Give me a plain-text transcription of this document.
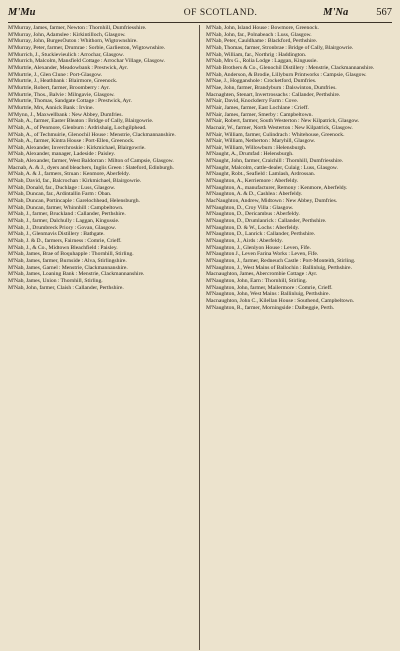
M'Mu	OF SCOTLAND.	M'Na	567

M'Murray, James, farmer, Newton : Thornhill, Dumfriesshire.

M'Murray, John, Adamslee : Kirkintilloch, Glasgow.

M'Murray, John, BurgesOuton : Whithorn, Wigtownshire.

M'Murray, Peter, farmer, Drumrae : Sorbie, Garlieston, Wigtownshire.

M'Murrich, J., Stuckievieulich : Arrochar, Glasgow.

M'Murrich, Malcolm, Mansfield Cottage : Arrochar Village, Glasgow.

M'Murtrie, Alexander, Meadowbank : Prestwick, Ayr.

M'Murtrie, J., Glen Clune : Port-Glasgow.

M'Murtrie, J., Heathbank : Blairmore, Greenock.

M'Murtrie, Robert, farmer, Broomberry : Ayr.

M'Murtrie, Thos., Balvie : Milngavie, Glasgow.

M'Murtrie, Thomas, Sandgate Cottage : Prestwick, Ayr.

M'Murtrie, Mrs, Annick Bank : Irvine.

M'Mynn, J., Maxwellbank : New Abbey, Dumfries.

M'Nab, A., farmer, Easter Bleaton : Bridge of Cally, Blairgowrie.

M'Nab, A., of Penmore, Glenburn : Ardrishaig, Lochgilphead.

M'Nab, A., of Techmuirie, Glenochil House : Menstrie, Clackmannanshire.

M'Nab, A., farmer, Kintra House : Port-Ellen, Greenock.

M'Nab, Alexander, Inverchroskie : Kirkmichael, Blairgowrie.

M'Nab, Alexander, manager, Ladeside : Paisley.

M'Nab, Alexander, farmer, West Baldorran : Milton of Campsie, Glasgow.

Macnab, A. & J., dyers and bleachers, Inglis Green : Slateford, Edinburgh.

M'Nab, A. & J., farmers, Struan : Kenmore, Aberfeldy.

M'Nab, David, far., Balcrochan : Kirkmichael, Blairgowrie.

M'Nab, Donald, far., Duchlage : Luss, Glasgow.

M'Nab, Duncan, far., Ardintallin Farm : Oban.

M'Nab, Duncan, Portincaple : Garelochhead, Helensburgh.

M'Nab, Duncan, farmer, Whinnhill : Campbeltown.

M'Nab, J., farmer, Bruckland : Callander, Perthshire.

M'Nab, J., farmer, Dalchully : Laggan, Kingussie.

M'Nab, J., Drumbreck Priory : Govan, Glasgow.

M'Nab, J., Glenmavis Distillery : Bathgate.

M'Nab, J. & D., farmers, Fairness : Comrie, Crieff.

M'Nab, J., & Co., Midtown Bleachfield : Paisley.

M'Nab, James, Brae of Boquhapple : Thornhill, Stirling.

M'Nab, James, farmer, Burnside : Alva, Stirlingshire.

M'Nab, James, Garnel : Menstrie, Clackmannanshire.

M'Nab, James, Loaning Bank : Menstrie, Clackmannanshire.

M'Nab, James, Union : Thornhill, Stirling.

M'Nab, John, farmer, Claish : Callander, Perthshire.

M'Nab, John, Island House : Bowmore, Greenock.

M'Nab, John, far., Polnabeach : Luss, Glasgow.

M'Nab, Peter, Cauldhame : Blackford, Perthshire.

M'Nab, Thomas, farmer, Stronbrae : Bridge of Cally, Blairgowrie.

M'Nab, William, far., Northrig : Haddington.

M'Nab, Mrs G., Rolia Lodge : Laggan, Kingussie.

M'Nab Brothers & Co., Glenochil Distillery : Menstrie, Clackmannanshire.

M'Nab, Anderson, & Brodie, Lillyburn Printworks : Campsie, Glasgow.

M'Nae, J., Hogganshole : Crocketford, Dumfries.

M'Nae, John, farmer, Brandyburn : Dalswinton, Dumfries.

Macnaghten, Stenart, Invertrossachs : Callander, Perthshire.

M'Nair, David, Knockderry Farm : Cove.

M'Nair, James, farmer, East Lochlane : Crieff.

M'Nair, James, farmer, Smerby : Campbeltown.

M'Nair, Robert, farmer, South Westerton : New Kilpatrick, Glasgow.

Macnair, W., farmer, North Westerton : New Kilpatrick, Glasgow.

M'Nair, William, farmer, Culindrach : Whitehouse, Greenock.

M'Nair, William, Netherton : Maryhill, Glasgow.

M'Nair, William, Willowburn : Helensburgh.

M'Naught, A., Drumfad : Helensburgh.

M'Naught, John, farmer, Craichill : Thornhill, Dumfriesshire.

M'Naught, Malcolm, cattle-dealer, Culaig : Luss, Glasgow.

M'Naught, Robt., Seafield : Lamlash, Ardrossan.

M'Naughton, A., Kerriemore : Aberfeldy.

M'Naughton, A., manufacturer, Remony : Kenmore, Aberfeldy.

M'Naughton, A. & D., Cashlea : Aberfeldy.

MacNaughton, Andrew, Midtown : New Abbey, Dumfries.

M'Naughton, D., Croy Villa : Glasgow.

M'Naughton, D., Dericambus : Aberfeldy.

M'Naughton, D., Drumlanrick : Callander, Perthshire.

M'Naughton, D. & W., Lochs : Aberfeldy.

M'Naughton, D., Lanrick : Callander, Perthshire.

M'Naughton, J., Airds : Aberfeldy.

M'Naughton, J., Glenlyon House : Leven, Fife.

M'Naughton J., Leven Farina Works : Leven, Fife.

M'Naughton, J., farmer, Redneuch Castle : Port-Monteith, Stirling.

M'Naughton, J., West Mains of Ballochin : Ballinluig, Perthshire.

Macnaughton, James, Abercrombie Cottage : Ayr.

M'Naughton, John, Earn : Thornhill, Stirling.

M'Naughton, John, farmer, Mailermore : Comrie, Crieff.

M'Naughton, John, West Mains : Ballinluig, Perthshire.

Macnaughton, John C., Kilellan House : Southend, Campbeltown.

M'Naughton, R., farmer, Morningside : Dalbeggie, Perth.
